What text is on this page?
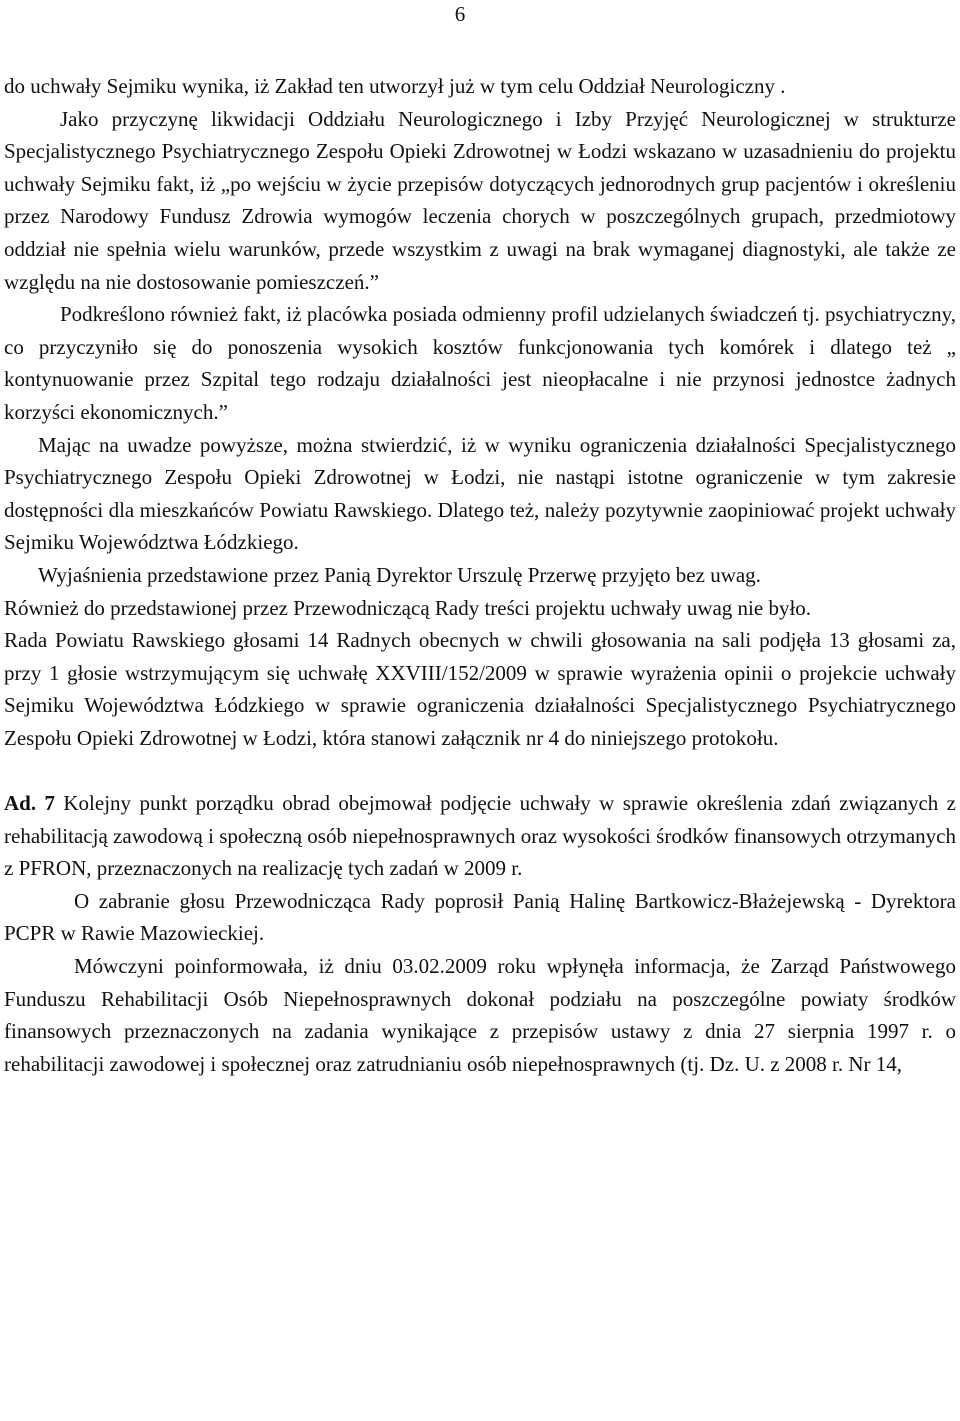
6

do uchwały Sejmiku wynika, iż Zakład ten utworzył już w tym celu Oddział Neurologiczny .

Jako przyczynę likwidacji Oddziału Neurologicznego i Izby Przyjęć Neurologicznej w strukturze Specjalistycznego Psychiatrycznego Zespołu Opieki Zdrowotnej w Łodzi wskazano w uzasadnieniu do projektu uchwały Sejmiku fakt, iż „po wejściu w życie przepisów dotyczących jednorodnych grup pacjentów i określeniu przez Narodowy Fundusz Zdrowia wymogów leczenia chorych w poszczególnych grupach, przedmiotowy oddział nie spełnia wielu warunków, przede wszystkim z uwagi na brak wymaganej diagnostyki, ale także ze względu na nie dostosowanie pomieszczeń.”

Podkreślono również fakt, iż placówka posiada odmienny profil udzielanych świadczeń tj. psychiatryczny, co przyczyniło się do ponoszenia wysokich kosztów funkcjonowania tych komórek i dlatego też „ kontynuowanie przez Szpital tego rodzaju działalności jest nieopłacalne i nie przynosi jednostce żadnych korzyści ekonomicznych.”

Mając na uwadze powyższe, można stwierdzić, iż w wyniku ograniczenia działalności Specjalistycznego Psychiatrycznego Zespołu Opieki Zdrowotnej w Łodzi, nie nastąpi istotne ograniczenie w tym zakresie dostępności dla mieszkańców Powiatu Rawskiego. Dlatego też, należy pozytywnie zaopiniować projekt uchwały Sejmiku Województwa Łódzkiego.

Wyjaśnienia przedstawione przez Panią Dyrektor Urszulę Przerwę przyjęto bez uwag.

Również do przedstawionej przez Przewodniczącą Rady treści projektu uchwały uwag nie było.

Rada Powiatu Rawskiego głosami 14 Radnych obecnych w chwili głosowania na sali podjęła 13 głosami za, przy 1 głosie wstrzymującym się uchwałę XXVIII/152/2009 w sprawie wyrażenia opinii o projekcie uchwały Sejmiku Województwa Łódzkiego w sprawie ograniczenia działalności Specjalistycznego Psychiatrycznego Zespołu Opieki Zdrowotnej w Łodzi, która stanowi załącznik nr 4 do niniejszego protokołu.

Ad. 7 Kolejny punkt porządku obrad obejmował podjęcie uchwały w sprawie określenia zdań związanych z rehabilitacją zawodową i społeczną osób niepełnosprawnych oraz wysokości środków finansowych otrzymanych z PFRON, przeznaczonych na realizację tych zadań w 2009 r.

O zabranie głosu Przewodnicząca Rady poprosił Panią Halinę Bartkowicz-Błażejewską - Dyrektora PCPR w Rawie Mazowieckiej.

Mówczyni poinformowała, iż dniu 03.02.2009 roku wpłynęła informacja, że Zarząd Państwowego Funduszu Rehabilitacji Osób Niepełnosprawnych dokonał podziału na poszczególne powiaty środków finansowych przeznaczonych na zadania wynikające z przepisów ustawy z dnia 27 sierpnia 1997 r. o rehabilitacji zawodowej i społecznej oraz zatrudnianiu osób niepełnosprawnych (tj. Dz. U. z 2008 r. Nr 14,
